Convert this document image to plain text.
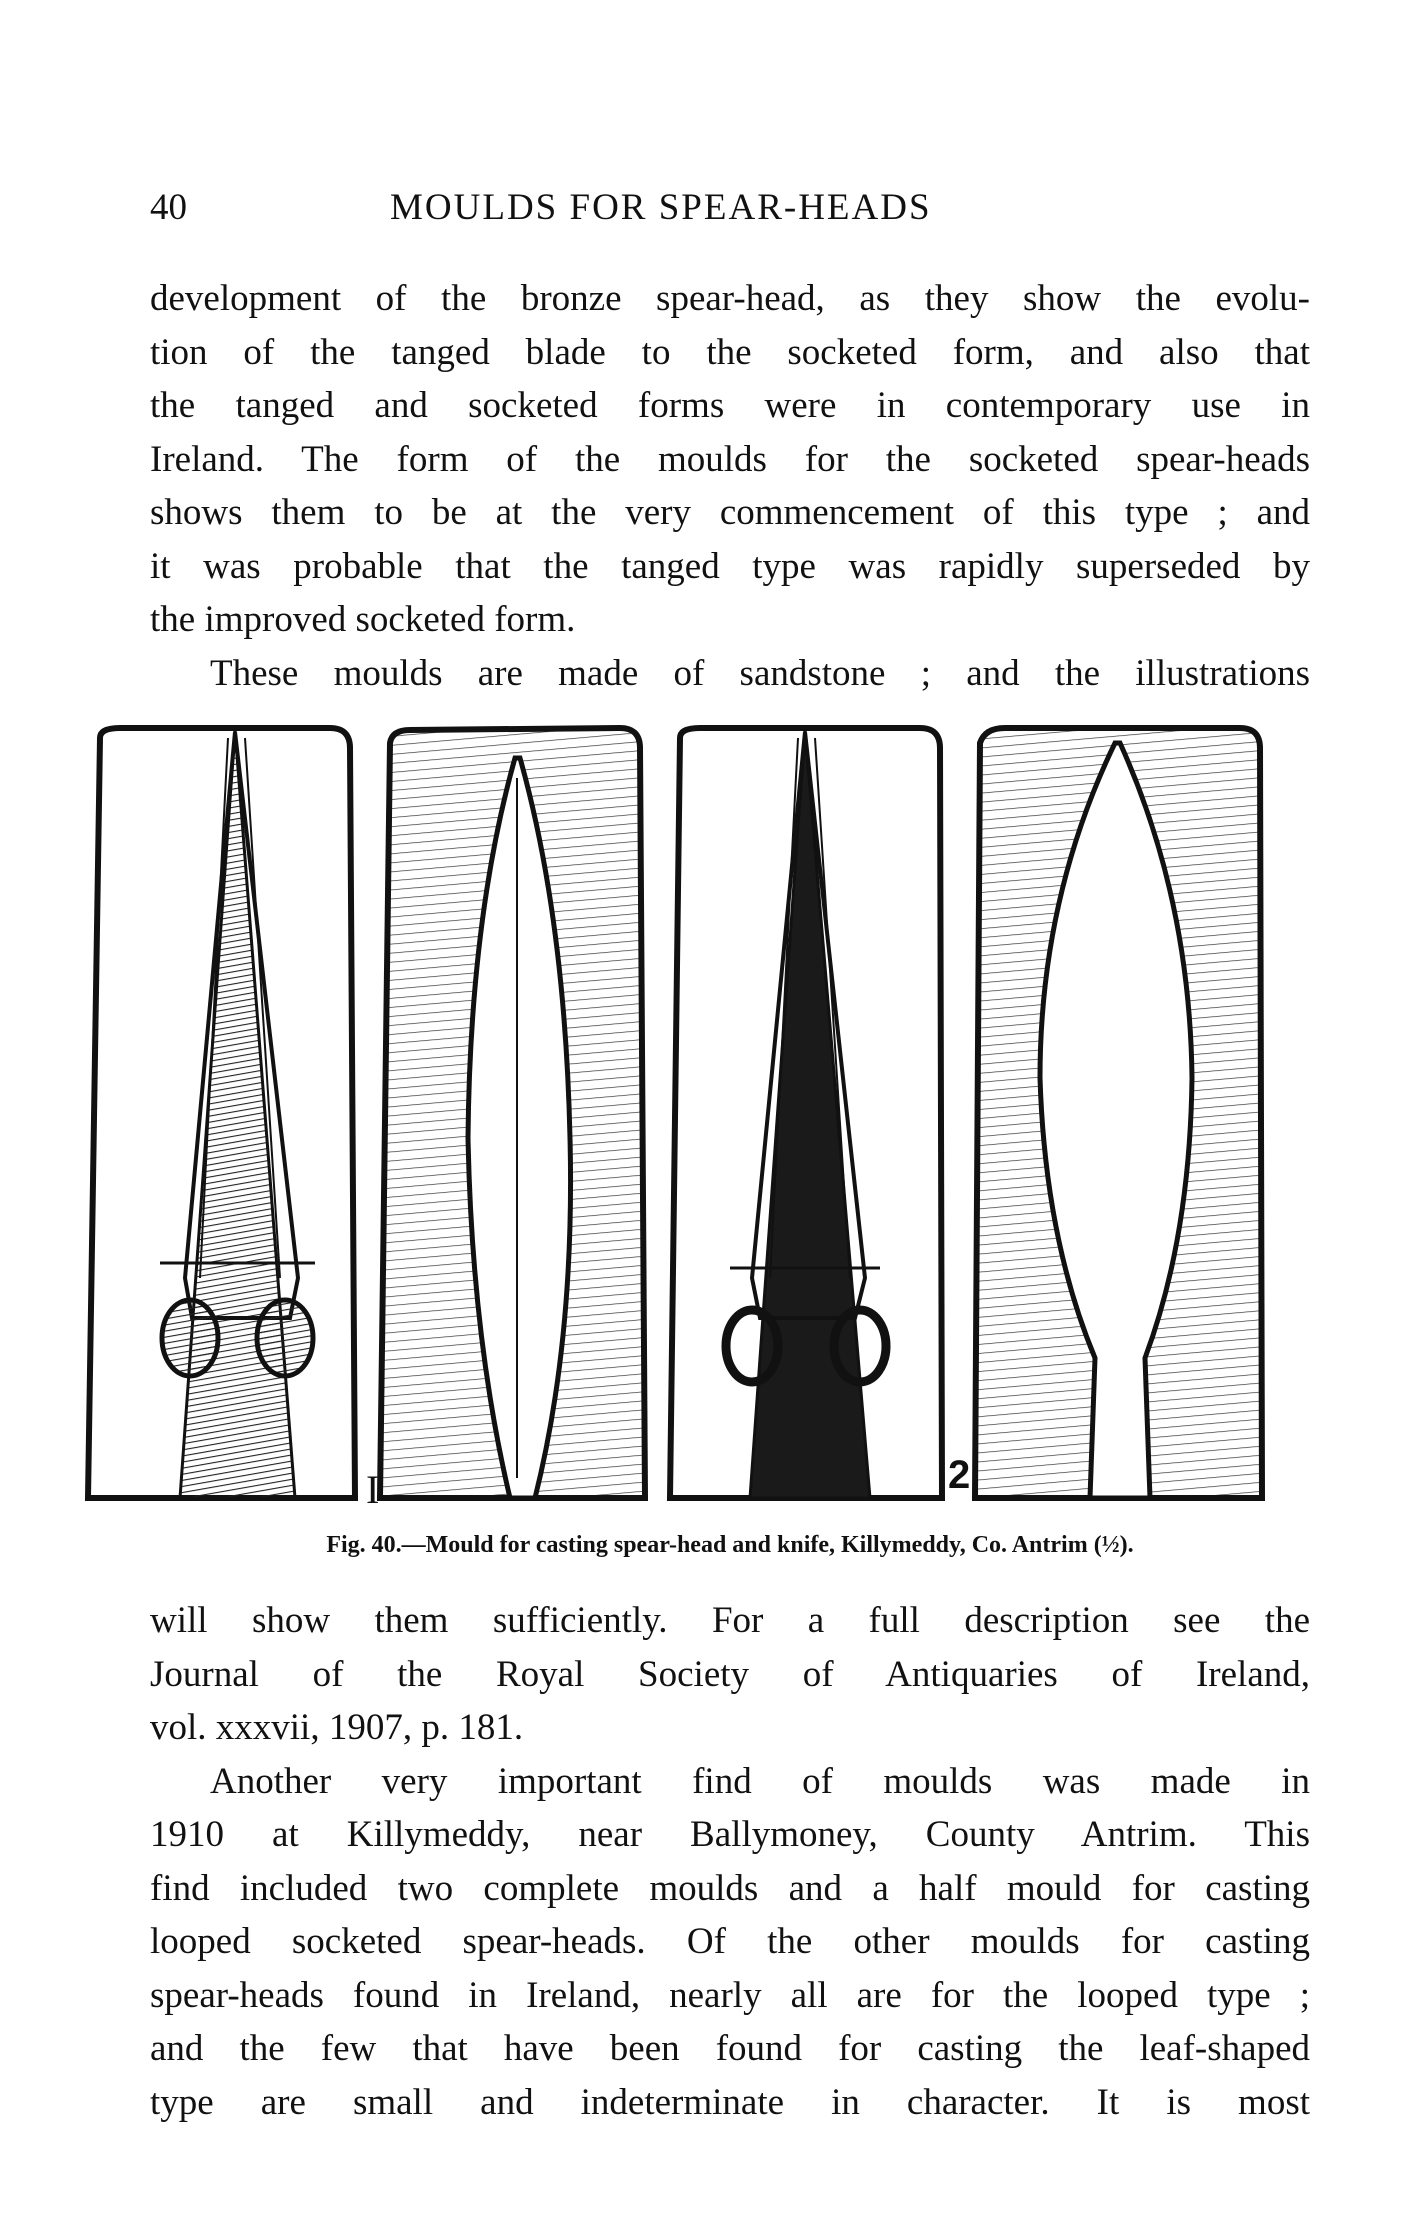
40	MOULDS FOR SPEAR-HEADS
development of the bronze spear-head, as they show the evolu-
tion of the tanged blade to the socketed form, and also that
the tanged and socketed forms were in contemporary use in
Ireland. The form of the moulds for the socketed spear-heads
shows them to be at the very commencement of this type ; and
it was probable that the tanged type was rapidly superseded by
the improved socketed form.
These moulds are made of sandstone ; and the illustrations
I	2
Fig. 40.—Mould for casting spear-head and knife, Killymeddy, Co. Antrim (½).
will show them sufficiently. For a full description see the
Journal of the Royal Society of Antiquaries of Ireland,
vol. xxxvii, 1907, p. 181.
Another very important find of moulds was made in
1910 at Killymeddy, near Ballymoney, County Antrim. This
find included two complete moulds and a half mould for casting
looped socketed spear-heads. Of the other moulds for casting
spear-heads found in Ireland, nearly all are for the looped type ;
and the few that have been found for casting the leaf-shaped
type are small and indeterminate in character. It is most
